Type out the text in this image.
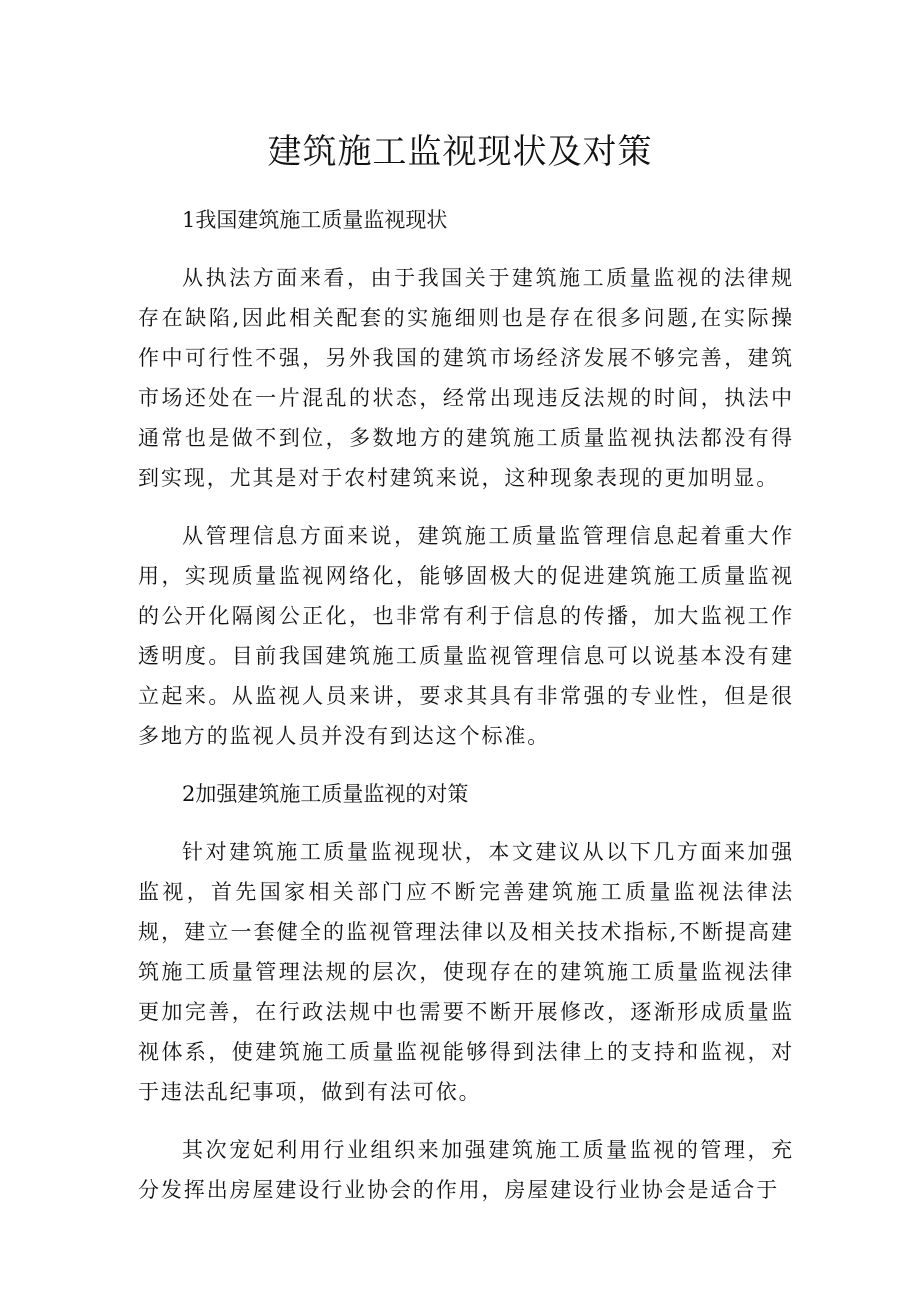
建筑施工监视现状及对策

1我国建筑施工质量监视现状

从执法方面来看，由于我国关于建筑施工质量监视的法律规存在缺陷,因此相关配套的实施细则也是存在很多问题,在实际操作中可行性不强，另外我国的建筑市场经济发展不够完善，建筑市场还处在一片混乱的状态，经常出现违反法规的时间，执法中通常也是做不到位，多数地方的建筑施工质量监视执法都没有得到实现，尤其是对于农村建筑来说，这种现象表现的更加明显。

从管理信息方面来说，建筑施工质量监管理信息起着重大作用，实现质量监视网络化，能够固极大的促进建筑施工质量监视的公开化隔阂公正化，也非常有利于信息的传播，加大监视工作透明度。目前我国建筑施工质量监视管理信息可以说基本没有建立起来。从监视人员来讲，要求其具有非常强的专业性，但是很多地方的监视人员并没有到达这个标准。

2加强建筑施工质量监视的对策

针对建筑施工质量监视现状，本文建议从以下几方面来加强监视，首先国家相关部门应不断完善建筑施工质量监视法律法规，建立一套健全的监视管理法律以及相关技术指标,不断提高建筑施工质量管理法规的层次，使现存在的建筑施工质量监视法律更加完善，在行政法规中也需要不断开展修改，逐渐形成质量监视体系，使建筑施工质量监视能够得到法律上的支持和监视，对于违法乱纪事项，做到有法可依。

其次宠妃利用行业组织来加强建筑施工质量监视的管理，充分发挥出房屋建设行业协会的作用，房屋建设行业协会是适合于
